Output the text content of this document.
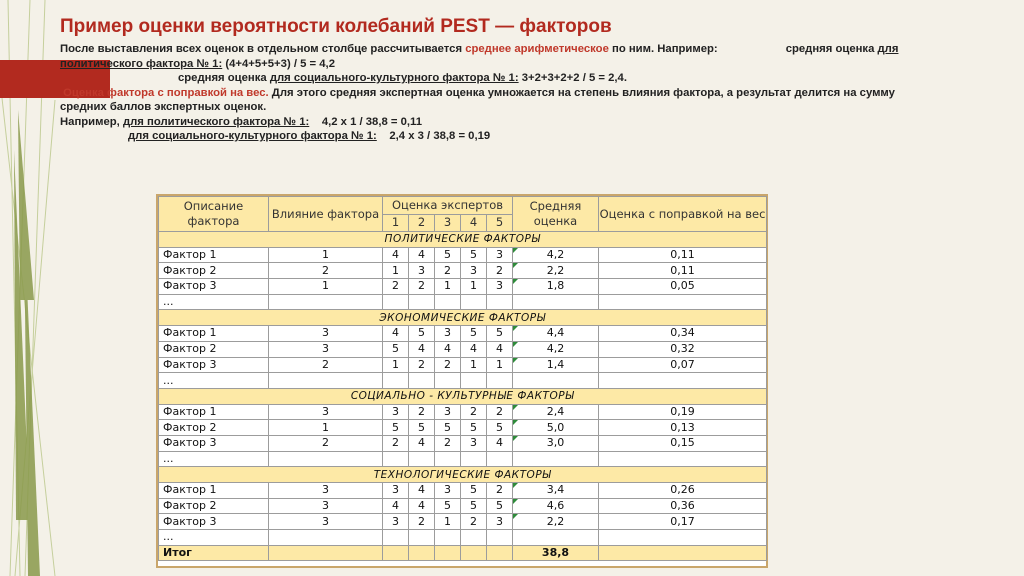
Пример оценки вероятности колебаний PEST — факторов
После выставления всех оценок в отдельном столбце рассчитывается среднее арифметическое по ним. Например:	средняя оценка для
политического фактора № 1: (4+4+5+5+3) / 5 = 4,2
средняя оценка для социального-культурного фактора № 1: 3+2+3+2+2 / 5 = 2,4.
Оценка фактора с поправкой на вес. Для этого средняя экспертная оценка умножается на степень влияния фактора, а результат делится на сумму
средних баллов экспертных оценок.
Например, для политического фактора № 1: 4,2 x 1 / 38,8 = 0,11
для социального-культурного фактора № 1: 2,4 x 3 / 38,8 = 0,19
Описание фактора	Влияние фактора	Оценка экспертов					Средняя оценка	Оценка с поправкой на вес
		1	2	3	4	5		
ПОЛИТИЧЕСКИЕ ФАКТОРЫ								
Фактор 1	1	4	4	5	5	3	4,2	0,11
Фактор 2	2	1	3	2	3	2	2,2	0,11
Фактор 3	1	2	2	1	1	3	1,8	0,05
...								
ЭКОНОМИЧЕСКИЕ ФАКТОРЫ								
Фактор 1	3	4	5	3	5	5	4,4	0,34
Фактор 2	3	5	4	4	4	4	4,2	0,32
Фактор 3	2	1	2	2	1	1	1,4	0,07
...								
СОЦИАЛЬНО - КУЛЬТУРНЫЕ ФАКТОРЫ								
Фактор 1	3	3	2	3	2	2	2,4	0,19
Фактор 2	1	5	5	5	5	5	5,0	0,13
Фактор 3	2	2	4	2	3	4	3,0	0,15
...								
ТЕХНОЛОГИЧЕСКИЕ ФАКТОРЫ								
Фактор 1	3	3	4	3	5	2	3,4	0,26
Фактор 2	3	4	4	5	5	5	4,6	0,36
Фактор 3	3	3	2	1	2	3	2,2	0,17
...								
Итог							38,8	
